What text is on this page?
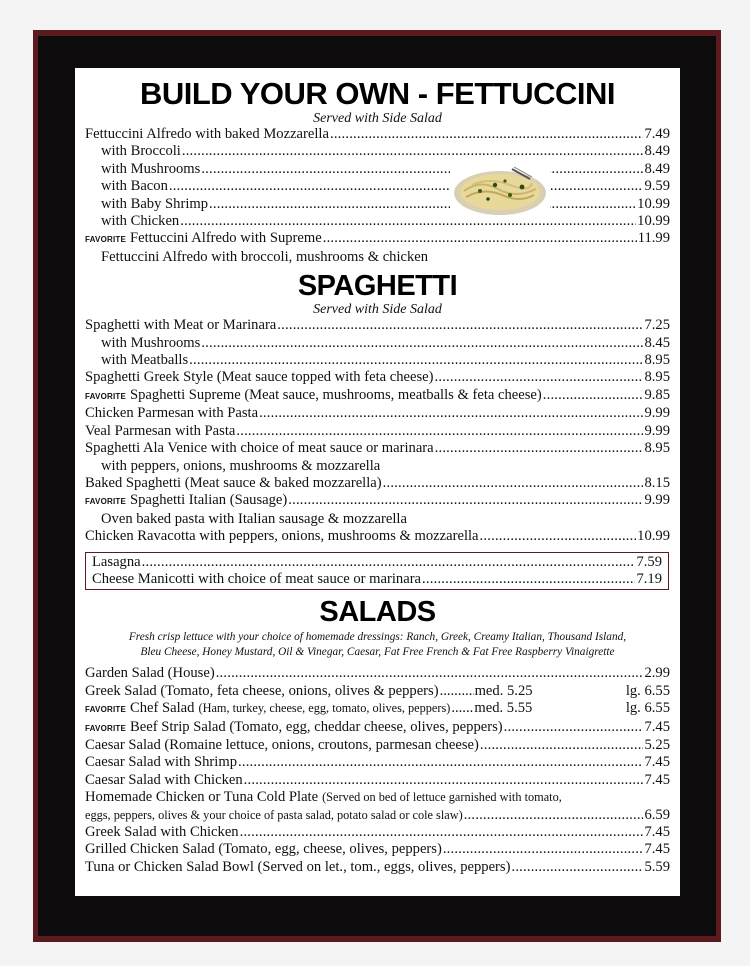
BUILD YOUR OWN - FETTUCCINI

Served with Side Salad

Fettuccini Alfredo with baked Mozzarella .....	7.49
with Broccoli .....	8.49
with Mushrooms .....	8.49
with Bacon .....	9.59
with Baby Shrimp .....	10.99
with Chicken .....	10.99
FAVORITE Fettuccini Alfredo with Supreme .....	11.99
Fettuccini Alfredo with broccoli, mushrooms & chicken
SPAGHETTI

Served with Side Salad

Spaghetti with Meat or Marinara .....	7.25
with Mushrooms .....	8.45
with Meatballs .....	8.95
Spaghetti Greek Style (Meat sauce topped with feta cheese) .....	8.95
FAVORITE Spaghetti Supreme (Meat sauce, mushrooms, meatballs & feta cheese) .....	9.85
Chicken Parmesan with Pasta .....	9.99
Veal Parmesan with Pasta .....	9.99
Spaghetti Ala Venice with choice of meat sauce or marinara .....	8.95
with peppers, onions, mushrooms & mozzarella
Baked Spaghetti (Meat sauce & baked mozzarella) .....	8.15
FAVORITE Spaghetti Italian (Sausage) .....	9.99
Oven baked pasta with Italian sausage & mozzarella
Chicken Ravacotta with peppers, onions, mushrooms & mozzarella .....	10.99
Lasagna .....	7.59
Cheese Manicotti with choice of meat sauce or marinara .....	7.19
SALADS
Fresh crisp lettuce with your choice of homemade dressings: Ranch, Greek, Creamy Italian, Thousand Island,
Bleu Cheese, Honey Mustard, Oil & Vinegar, Caesar, Fat Free French & Fat Free Raspberry Vinaigrette
Garden Salad (House) .....	2.99
Greek Salad (Tomato, feta cheese, onions, olives & peppers) ..... med. 5.25	lg. 6.55
FAVORITE Chef Salad (Ham, turkey, cheese, egg, tomato, olives, peppers) ..... med. 5.55	lg. 6.55
FAVORITE Beef Strip Salad (Tomato, egg, cheddar cheese, olives, peppers) .....	7.45
Caesar Salad (Romaine lettuce, onions, croutons, parmesan cheese) .....	5.25
Caesar Salad with Shrimp .....	7.45
Caesar Salad with Chicken .....	7.45
Homemade Chicken or Tuna Cold Plate (Served on bed of lettuce garnished with tomato,
eggs, peppers, olives & your choice of pasta salad, potato salad or cole slaw) .....	6.59
Greek Salad with Chicken .....	7.45
Grilled Chicken Salad (Tomato, egg, cheese, olives, peppers) .....	7.45
Tuna or Chicken Salad Bowl (Served on let., tom., eggs, olives, peppers) .....	5.59
